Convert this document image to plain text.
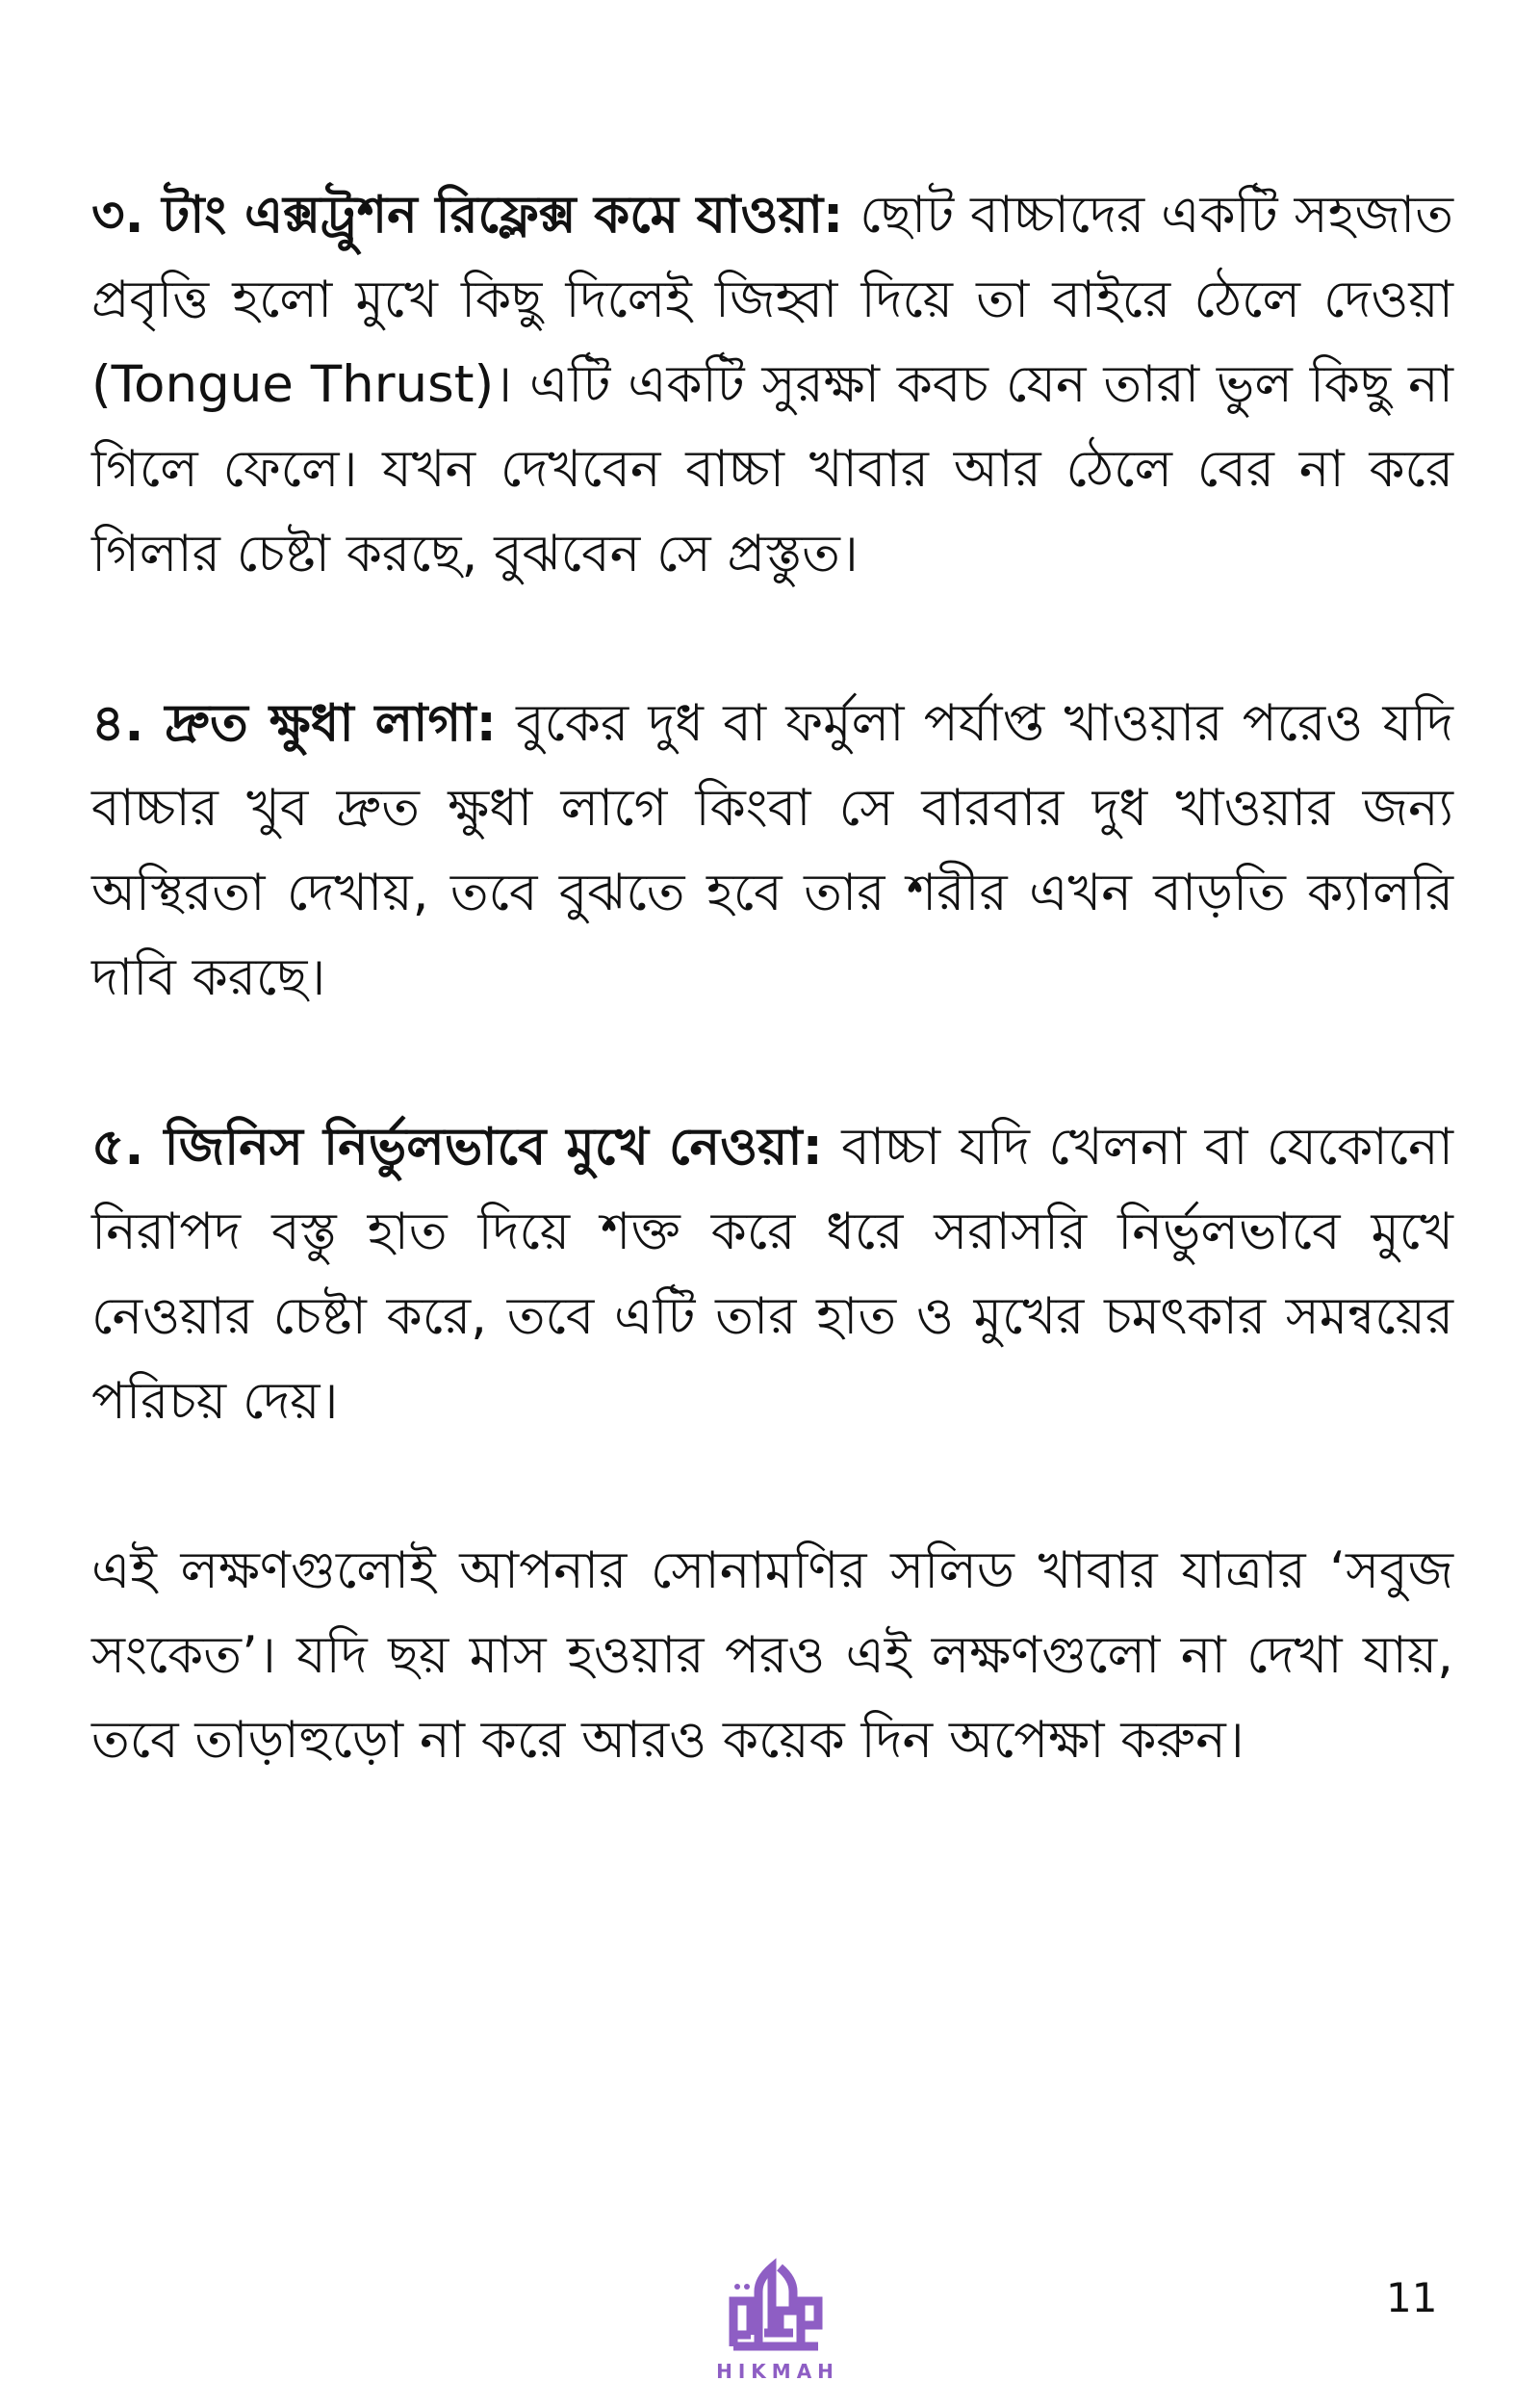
৩. টাং এক্সট্রুশন রিফ্লেক্স কমে যাওয়া: ছোট বাচ্চাদের একটি সহজাত প্রবৃত্তি হলো মুখে কিছু দিলেই জিহ্বা দিয়ে তা বাইরে ঠেলে দেওয়া (Tongue Thrust)। এটি একটি সুরক্ষা কবচ যেন তারা ভুল কিছু না গিলে ফেলে। যখন দেখবেন বাচ্চা খাবার আর ঠেলে বের না করে গিলার চেষ্টা করছে, বুঝবেন সে প্রস্তুত।

৪. দ্রুত ক্ষুধা লাগা: বুকের দুধ বা ফর্মুলা পর্যাপ্ত খাওয়ার পরেও যদি বাচ্চার খুব দ্রুত ক্ষুধা লাগে কিংবা সে বারবার দুধ খাওয়ার জন্য অস্থিরতা দেখায়, তবে বুঝতে হবে তার শরীর এখন বাড়তি ক্যালরি দাবি করছে।

৫. জিনিস নির্ভুলভাবে মুখে নেওয়া: বাচ্চা যদি খেলনা বা যেকোনো নিরাপদ বস্তু হাত দিয়ে শক্ত করে ধরে সরাসরি নির্ভুলভাবে মুখে নেওয়ার চেষ্টা করে, তবে এটি তার হাত ও মুখের চমৎকার সমন্বয়ের পরিচয় দেয়।

এই লক্ষণগুলোই আপনার সোনামণির সলিড খাবার যাত্রার ‘সবুজ সংকেত’। যদি ছয় মাস হওয়ার পরও এই লক্ষণগুলো না দেখা যায়, তবে তাড়াহুড়ো না করে আরও কয়েক দিন অপেক্ষা করুন।

HIKMAH
11
